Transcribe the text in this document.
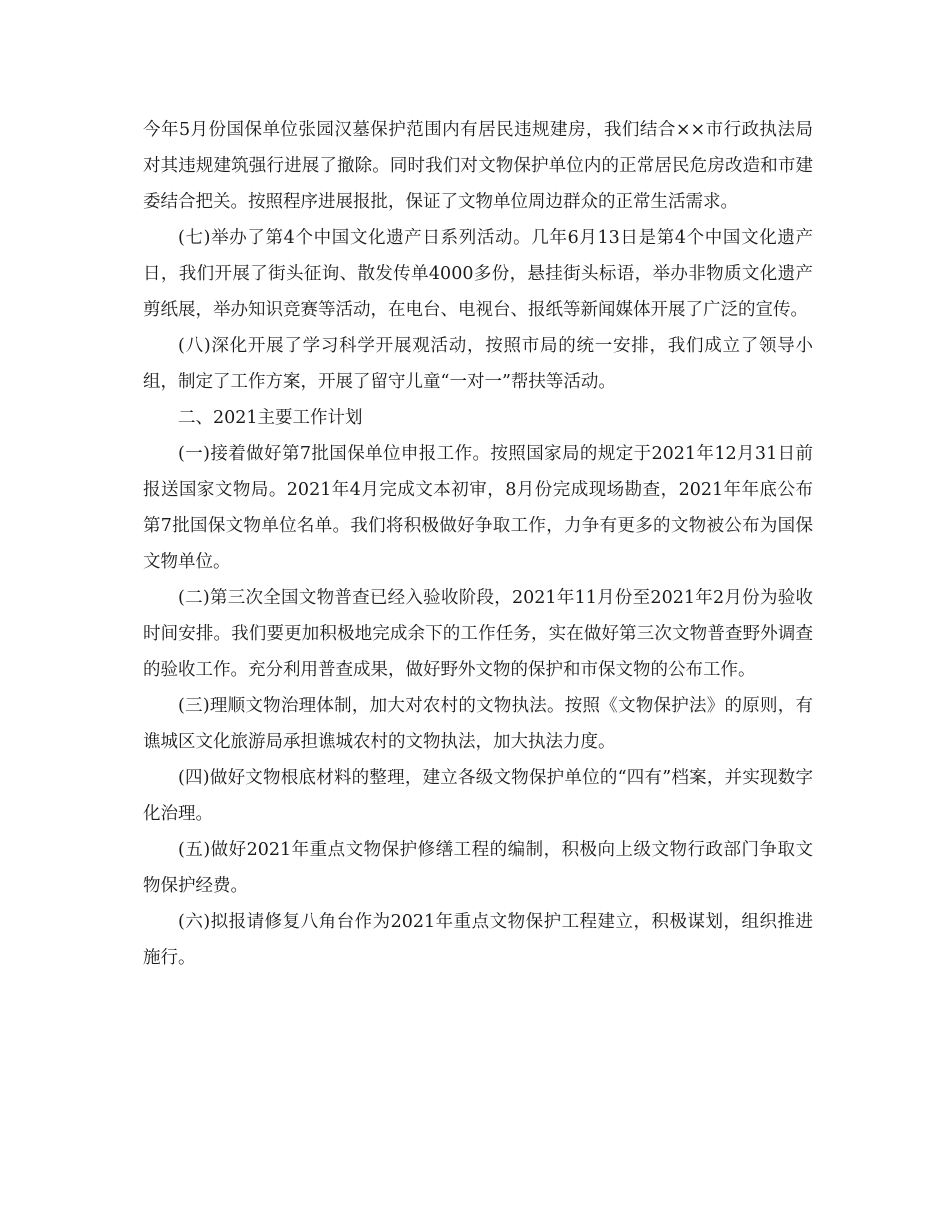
今年5月份国保单位张园汉墓保护范围内有居民违规建房，我们结合××市行政执法局对其违规建筑强行进展了撤除。同时我们对文物保护单位内的正常居民危房改造和市建委结合把关。按照程序进展报批，保证了文物单位周边群众的正常生活需求。

(七)举办了第4个中国文化遗产日系列活动。几年6月13日是第4个中国文化遗产日，我们开展了街头征询、散发传单4000多份，悬挂街头标语，举办非物质文化遗产剪纸展，举办知识竞赛等活动，在电台、电视台、报纸等新闻媒体开展了广泛的宣传。

(八)深化开展了学习科学开展观活动，按照市局的统一安排，我们成立了领导小组，制定了工作方案，开展了留守儿童“一对一”帮扶等活动。

二、2021主要工作计划

(一)接着做好第7批国保单位申报工作。按照国家局的规定于2021年12月31日前报送国家文物局。2021年4月完成文本初审，8月份完成现场勘查，2021年年底公布第7批国保文物单位名单。我们将积极做好争取工作，力争有更多的文物被公布为国保文物单位。

(二)第三次全国文物普查已经入验收阶段，2021年11月份至2021年2月份为验收时间安排。我们要更加积极地完成余下的工作任务，实在做好第三次文物普查野外调查的验收工作。充分利用普查成果，做好野外文物的保护和市保文物的公布工作。

(三)理顺文物治理体制，加大对农村的文物执法。按照《文物保护法》的原则，有谯城区文化旅游局承担谯城农村的文物执法，加大执法力度。

(四)做好文物根底材料的整理，建立各级文物保护单位的“四有”档案，并实现数字化治理。

(五)做好2021年重点文物保护修缮工程的编制，积极向上级文物行政部门争取文物保护经费。

(六)拟报请修复八角台作为2021年重点文物保护工程建立，积极谋划，组织推进施行。
